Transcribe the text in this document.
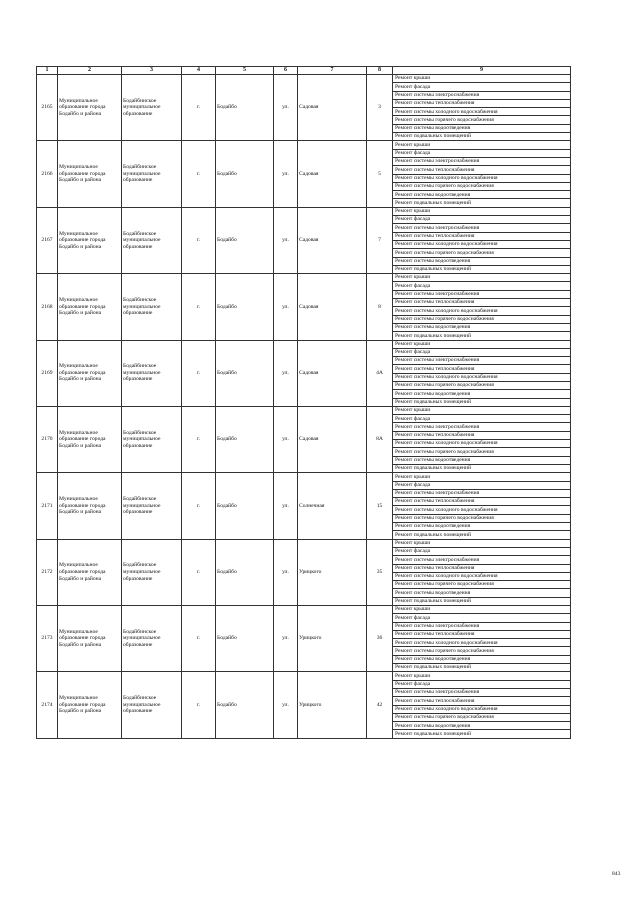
1	2	3	4	5	6	7	8	9
2165	Муниципальное образование города Бодайбо и района	Бодайбинское муниципальное образование	г.	Бодайбо	ул.	Садовая	3	Ремонт крыши
								Ремонт фасада
								Ремонт системы электроснабжения
								Ремонт системы теплоснабжения
								Ремонт системы холодного водоснабжения
								Ремонт системы горячего водоснабжения
								Ремонт системы водоотведения
								Ремонт подвальных помещений
2166	Муниципальное образование города Бодайбо и района	Бодайбинское муниципальное образование	г.	Бодайбо	ул.	Садовая	5	Ремонт крыши
								Ремонт фасада
								Ремонт системы электроснабжения
								Ремонт системы теплоснабжения
								Ремонт системы холодного водоснабжения
								Ремонт системы горячего водоснабжения
								Ремонт системы водоотведения
								Ремонт подвальных помещений
2167	Муниципальное образование города Бодайбо и района	Бодайбинское муниципальное образование	г.	Бодайбо	ул.	Садовая	7	Ремонт крыши
								Ремонт фасада
								Ремонт системы электроснабжения
								Ремонт системы теплоснабжения
								Ремонт системы холодного водоснабжения
								Ремонт системы горячего водоснабжения
								Ремонт системы водоотведения
								Ремонт подвальных помещений
2168	Муниципальное образование города Бодайбо и района	Бодайбинское муниципальное образование	г.	Бодайбо	ул.	Садовая	8	Ремонт крыши
								Ремонт фасада
								Ремонт системы электроснабжения
								Ремонт системы теплоснабжения
								Ремонт системы холодного водоснабжения
								Ремонт системы горячего водоснабжения
								Ремонт системы водоотведения
								Ремонт подвальных помещений
2169	Муниципальное образование города Бодайбо и района	Бодайбинское муниципальное образование	г.	Бодайбо	ул.	Садовая	4А	Ремонт крыши
								Ремонт фасада
								Ремонт системы электроснабжения
								Ремонт системы теплоснабжения
								Ремонт системы холодного водоснабжения
								Ремонт системы горячего водоснабжения
								Ремонт системы водоотведения
								Ремонт подвальных помещений
2170	Муниципальное образование города Бодайбо и района	Бодайбинское муниципальное образование	г.	Бодайбо	ул.	Садовая	8А	Ремонт крыши
								Ремонт фасада
								Ремонт системы электроснабжения
								Ремонт системы теплоснабжения
								Ремонт системы холодного водоснабжения
								Ремонт системы горячего водоснабжения
								Ремонт системы водоотведения
								Ремонт подвальных помещений
2171	Муниципальное образование города Бодайбо и района	Бодайбинское муниципальное образование	г.	Бодайбо	ул.	Солнечная	15	Ремонт крыши
								Ремонт фасада
								Ремонт системы электроснабжения
								Ремонт системы теплоснабжения
								Ремонт системы холодного водоснабжения
								Ремонт системы горячего водоснабжения
								Ремонт системы водоотведения
								Ремонт подвальных помещений
2172	Муниципальное образование города Бодайбо и района	Бодайбинское муниципальное образование	г.	Бодайбо	ул.	Урицкого	35	Ремонт крыши
								Ремонт фасада
								Ремонт системы электроснабжения
								Ремонт системы теплоснабжения
								Ремонт системы холодного водоснабжения
								Ремонт системы горячего водоснабжения
								Ремонт системы водоотведения
								Ремонт подвальных помещений
2173	Муниципальное образование города Бодайбо и района	Бодайбинское муниципальное образование	г.	Бодайбо	ул.	Урицкого	36	Ремонт крыши
								Ремонт фасада
								Ремонт системы электроснабжения
								Ремонт системы теплоснабжения
								Ремонт системы холодного водоснабжения
								Ремонт системы горячего водоснабжения
								Ремонт системы водоотведения
								Ремонт подвальных помещений
2174	Муниципальное образование города Бодайбо и района	Бодайбинское муниципальное образование	г.	Бодайбо	ул.	Урицкого	42	Ремонт крыши
								Ремонт фасада
								Ремонт системы электроснабжения
								Ремонт системы теплоснабжения
								Ремонт системы холодного водоснабжения
								Ремонт системы горячего водоснабжения
								Ремонт системы водоотведения
								Ремонт подвальных помещений
843
